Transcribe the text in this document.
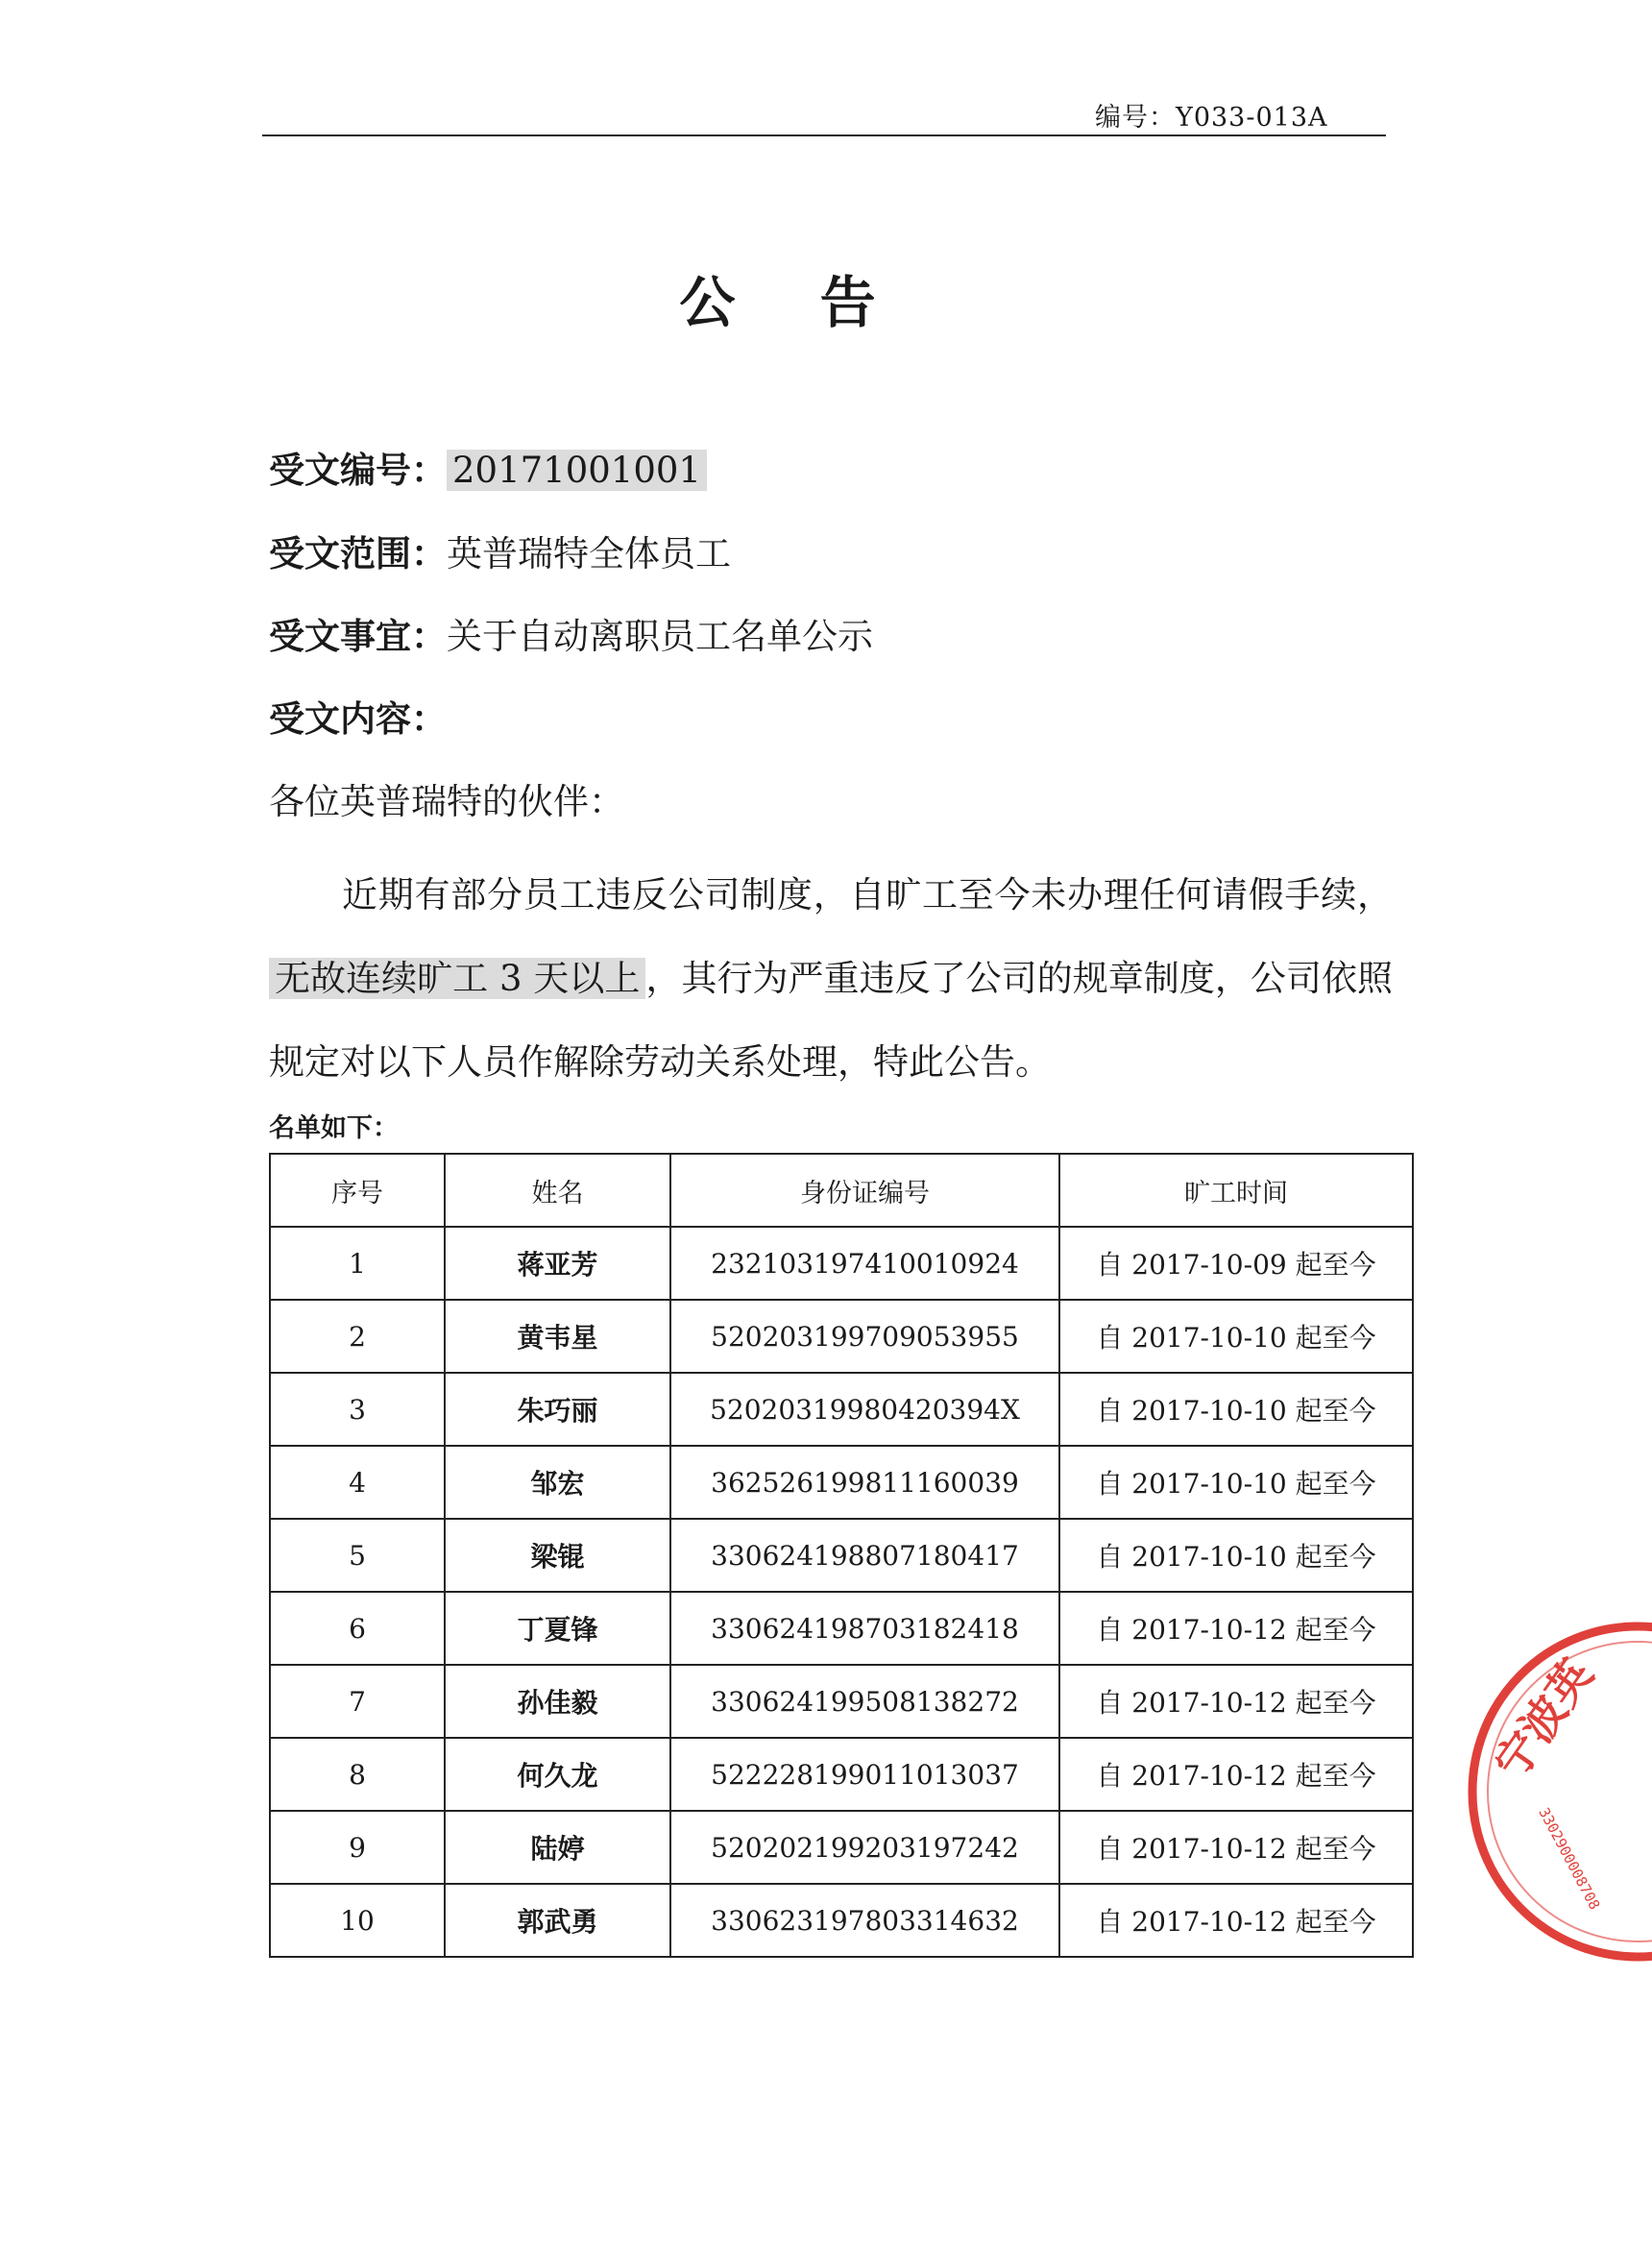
编号：Y033-013A
公 告
受文编号： 20171001001
受文范围：英普瑞特全体员工
受文事宜：关于自动离职员工名单公示
受文内容：
各位英普瑞特的伙伴：
近期有部分员工违反公司制度，自旷工至今未办理任何请假手续，无故连续旷工 3 天以上 ，其行为严重违反了公司的规章制度，公司依照规定对以下人员作解除劳动关系处理，特此公告。
名单如下：
序号	姓名	身份证编号	旷工时间
1	蒋亚芳	232103197410010924	自 2017-10-09 起至今
2	黄韦星	520203199709053955	自 2017-10-10 起至今
3	朱巧丽	52020319980420394X	自 2017-10-10 起至今
4	邹宏	362526199811160039	自 2017-10-10 起至今
5	梁锟	330624198807180417	自 2017-10-10 起至今
6	丁夏锋	330624198703182418	自 2017-10-12 起至今
7	孙佳毅	330624199508138272	自 2017-10-12 起至今
8	何久龙	522228199011013037	自 2017-10-12 起至今
9	陆婷	520202199203197242	自 2017-10-12 起至今
10	郭武勇	330623197803314632	自 2017-10-12 起至今
宁波英
3302900008708
